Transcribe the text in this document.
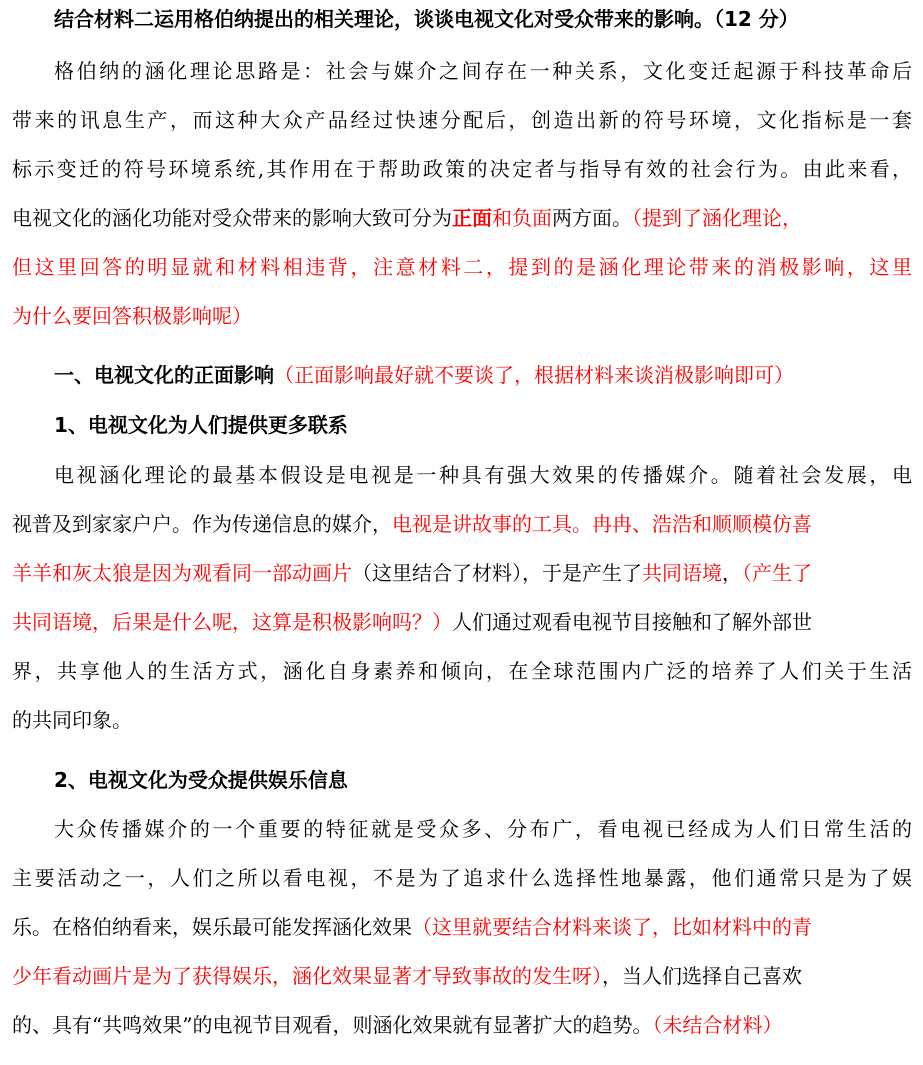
结合材料二运用格伯纳提出的相关理论，谈谈电视文化对受众带来的影响。（12 分）
格伯纳的涵化理论思路是：社会与媒介之间存在一种关系，文化变迁起源于科技革命后
带来的讯息生产，而这种大众产品经过快速分配后，创造出新的符号环境，文化指标是一套
标示变迁的符号环境系统,其作用在于帮助政策的决定者与指导有效的社会行为。由此来看，
电视文化的涵化功能对受众带来的影响大致可分为正面和负面两方面。（提到了涵化理论，
但这里回答的明显就和材料相违背，注意材料二，提到的是涵化理论带来的消极影响，这里
为什么要回答积极影响呢）
一、电视文化的正面影响（正面影响最好就不要谈了，根据材料来谈消极影响即可）
1、电视文化为人们提供更多联系
电视涵化理论的最基本假设是电视是一种具有强大效果的传播媒介。随着社会发展，电
视普及到家家户户。作为传递信息的媒介，电视是讲故事的工具。冉冉、浩浩和顺顺模仿喜
羊羊和灰太狼是因为观看同一部动画片（这里结合了材料），于是产生了共同语境，（产生了
共同语境，后果是什么呢，这算是积极影响吗？）人们通过观看电视节目接触和了解外部世
界，共享他人的生活方式，涵化自身素养和倾向，在全球范围内广泛的培养了人们关于生活
的共同印象。
2、电视文化为受众提供娱乐信息
大众传播媒介的一个重要的特征就是受众多、分布广，看电视已经成为人们日常生活的
主要活动之一，人们之所以看电视，不是为了追求什么选择性地暴露，他们通常只是为了娱
乐。在格伯纳看来，娱乐最可能发挥涵化效果（这里就要结合材料来谈了，比如材料中的青
少年看动画片是为了获得娱乐，涵化效果显著才导致事故的发生呀），当人们选择自己喜欢
的、具有“共鸣效果”的电视节目观看，则涵化效果就有显著扩大的趋势。（未结合材料）
